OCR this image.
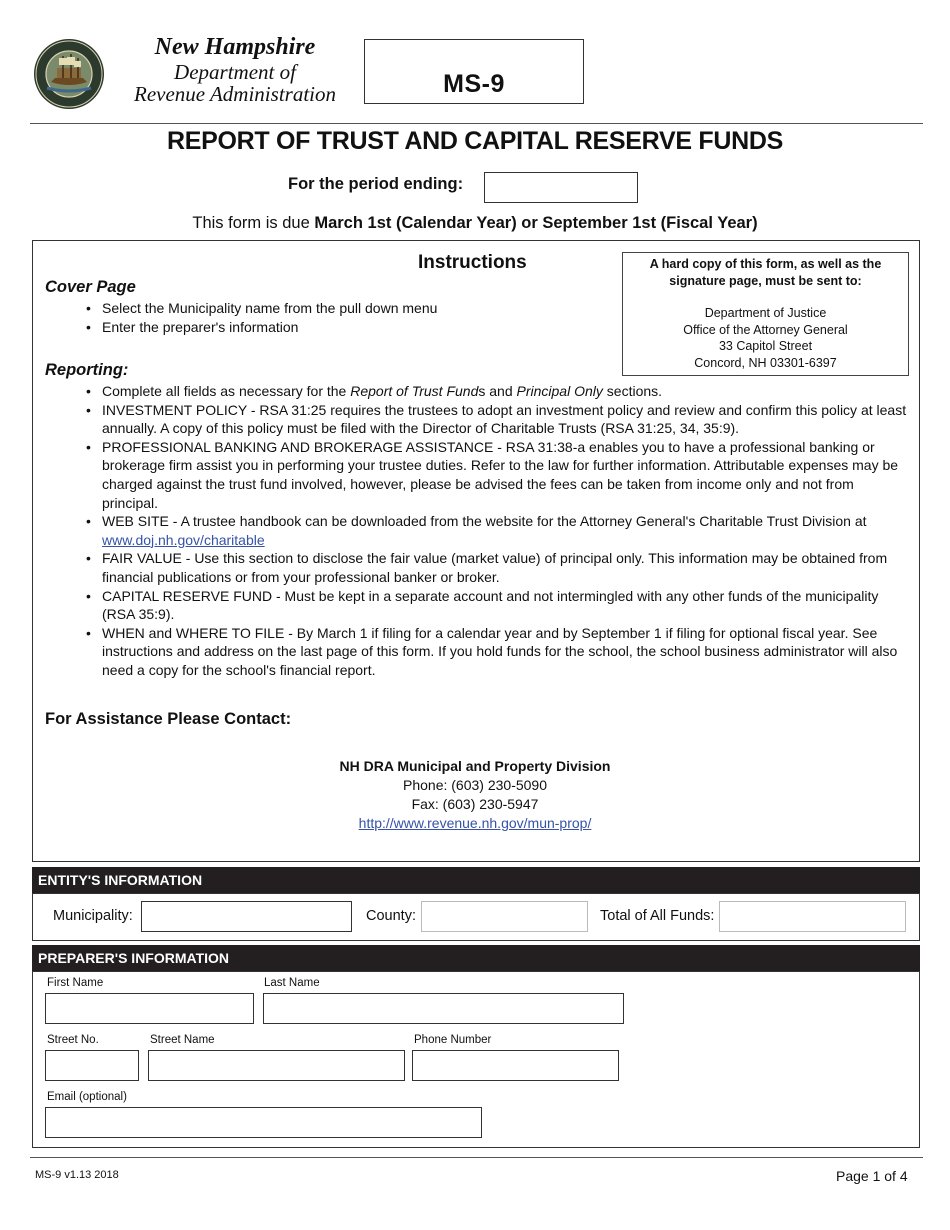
New Hampshire
Department of
Revenue Administration	MS-9
REPORT OF TRUST AND CAPITAL RESERVE FUNDS
For the period ending:
This form is due March 1st (Calendar Year) or September 1st (Fiscal Year)
Instructions	A hard copy of this form, as well as the
signature page, must be sent to:
Department of Justice
Office of the Attorney General
33 Capitol Street
Concord, NH 03301-6397
Cover Page
• Select the Municipality name from the pull down menu
• Enter the preparer's information
Reporting:
• Complete all fields as necessary for the Report of Trust Funds and Principal Only sections.
• INVESTMENT POLICY - RSA 31:25 requires the trustees to adopt an investment policy and review and confirm this policy at least annually. A copy of this policy must be filed with the Director of Charitable Trusts (RSA 31:25, 34, 35:9).
• PROFESSIONAL BANKING AND BROKERAGE ASSISTANCE - RSA 31:38-a enables you to have a professional banking or brokerage firm assist you in performing your trustee duties. Refer to the law for further information. Attributable expenses may be charged against the trust fund involved, however, please be advised the fees can be taken from income only and not from principal.
• WEB SITE - A trustee handbook can be downloaded from the website for the Attorney General's Charitable Trust Division at www.doj.nh.gov/charitable
• FAIR VALUE - Use this section to disclose the fair value (market value) of principal only. This information may be obtained from financial publications or from your professional banker or broker.
• CAPITAL RESERVE FUND - Must be kept in a separate account and not intermingled with any other funds of the municipality (RSA 35:9).
• WHEN and WHERE TO FILE - By March 1 if filing for a calendar year and by September 1 if filing for optional fiscal year. See instructions and address on the last page of this form. If you hold funds for the school, the school business administrator will also need a copy for the school's financial report.
For Assistance Please Contact:
NH DRA Municipal and Property Division
Phone: (603) 230-5090
Fax: (603) 230-5947
http://www.revenue.nh.gov/mun-prop/
ENTITY'S INFORMATION
Municipality:	County:	Total of All Funds:
PREPARER'S INFORMATION
First Name	Last Name
Street No.	Street Name	Phone Number
Email (optional)
MS-9 v1.13 2018	Page 1 of 4
